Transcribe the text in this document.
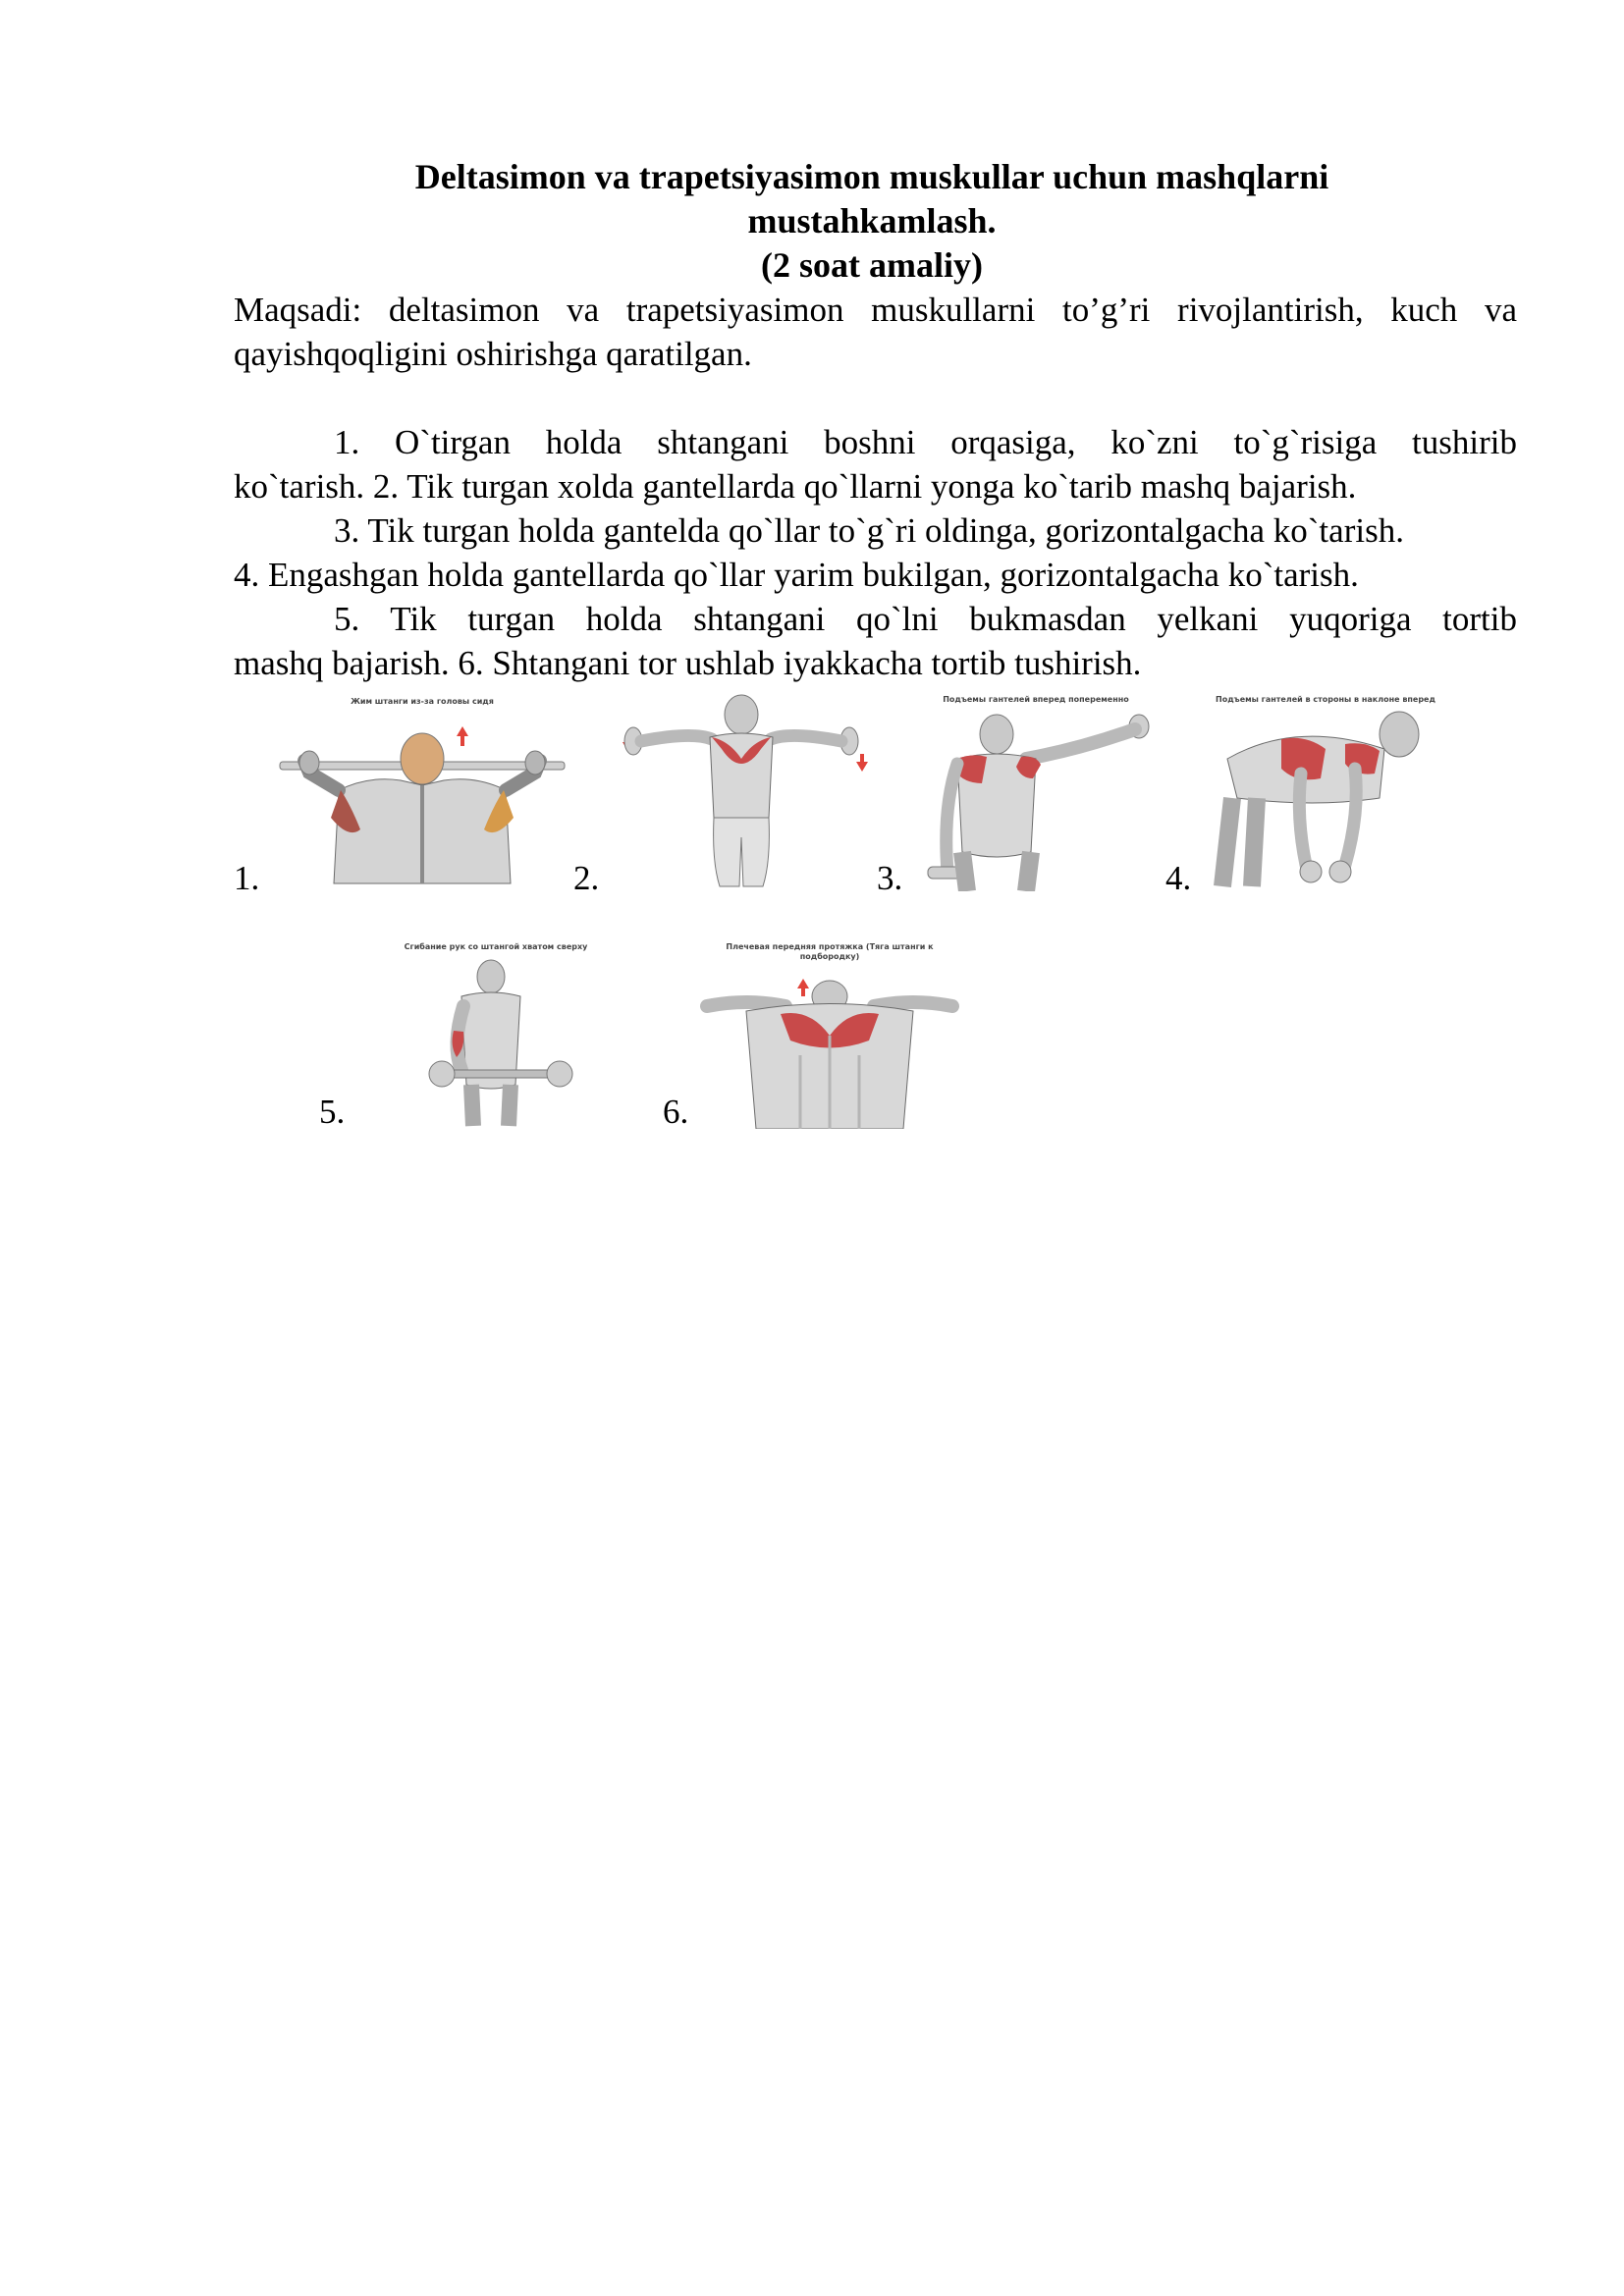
Deltasimon va trapetsiyasimon muskullar uchun mashqlarni

mustahkamlash.

(2 soat amaliy)

Maqsadi: deltasimon va trapetsiyasimon muskullarni to’g’ri rivojlantirish, kuch va

qayishqoqligini oshirishga qaratilgan.

1. O`tirgan holda shtangani boshni orqasiga, ko`zni to`g`risiga tushirib

ko`tarish. 2. Tik turgan xolda gantellarda qo`llarni yonga ko`tarib mashq bajarish.

3. Tik turgan holda gantelda qo`llar to`g`ri oldinga, gorizontalgacha ko`tarish.

4. Engashgan holda gantellarda qo`llar yarim bukilgan, gorizontalgacha ko`tarish.

5. Tik turgan holda shtangani qo`lni bukmasdan yelkani yuqoriga tortib

mashq bajarish. 6. Shtangani tor ushlab iyakkacha tortib tushirish.

1.	2.	3.	4.
Жим штанги из-за головы сидя	Подъемы гантелей вперед попеременно	Подъемы гантелей в стороны в наклоне вперед
5.	6.
Сгибание рук со штангой хватом сверху	Плечевая передняя протяжка (Тяга штанги к
подбородку)
